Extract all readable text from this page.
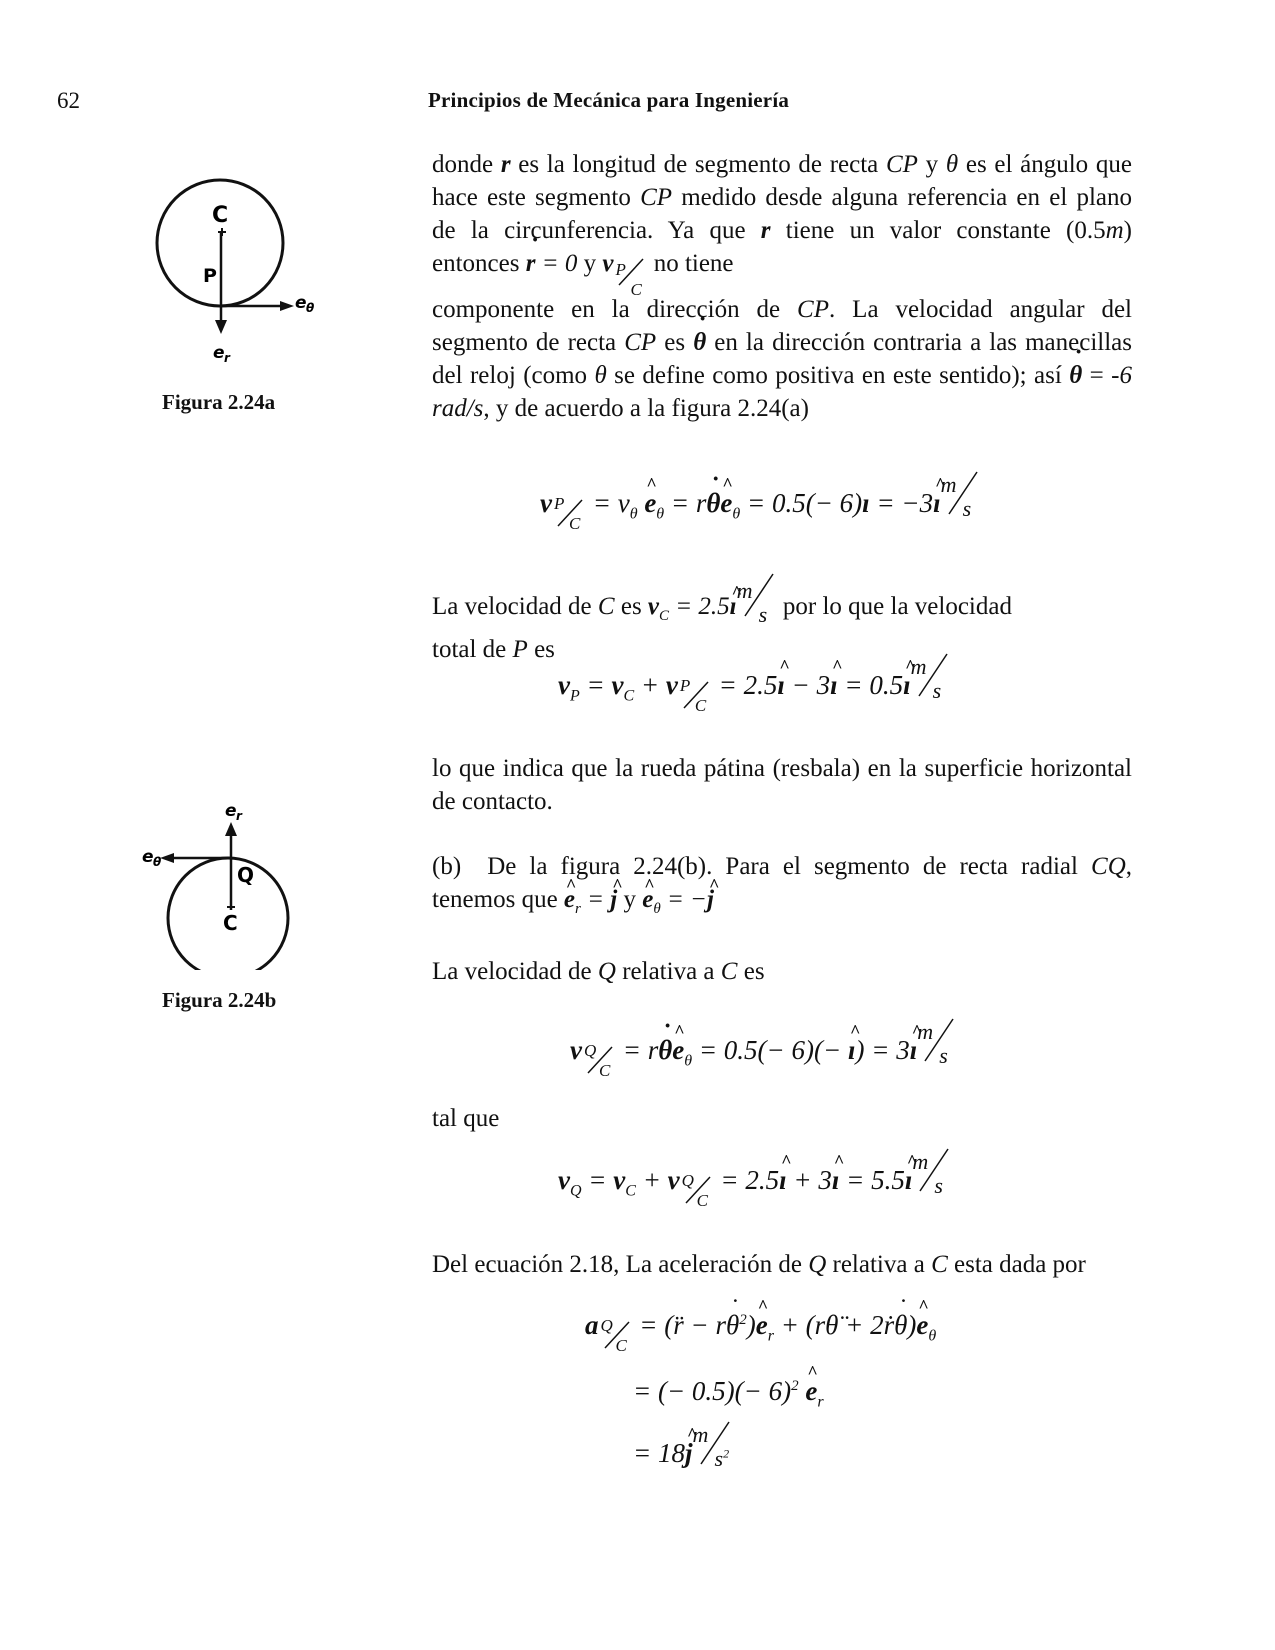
62	Principios de Mecánica para Ingeniería
C
P
e θ
e r
Figura 2.24a
e r
e θ
Q
C
Figura 2.24b
donde r es la longitud de segmento de recta CP y θ es el ángulo que hace este segmento CP medido desde alguna referencia en el plano de la circunferencia. Ya que r tiene un valor constante (0.5m) entonces ˙ r = 0 y v P
C
no tiene
componente en la dirección de CP. La velocidad angular del segmento de recta CP es ˙ θ en la dirección contraria a las manecillas del reloj (como θ se define como positiva en este sentido); así ˙ θ = -6 rad/s, y de acuerdo a la figura 2.24(a)
v P
C
= $v_\theta$ ^ $e_\theta$ = r˙ θ^ $e_\theta = 0.5(-$ 6)ı = −3^ ı
m
s
La velocidad de C es $v_C$ = 2.5^ ı
m
s por lo que la velocidad
total de P es
$v_P = v_C + v$ P
C
= 2.5^ ı − 3^ ı = 0.5^ ı
m
s
lo que indica que la rueda pátina (resbala) en la superficie horizontal de contacto.
(b)  De la figura 2.24(b). Para el segmento de recta radial CQ, tenemos que ^ $e_r$ = ^ j y ^ $e_\theta$ = −^ j
La velocidad de Q relativa a C es
v Q
C
= r˙ θ^ $e_\theta = 0.5(- 6)(-$ ^ ı) = 3^ ı
m
s
tal que
$v_Q = v_C + v$ Q
C
= 2.5^ ı + 3^ ı = 5.5^ ı
m
s
Del ecuación 2.18, La aceleración de Q relativa a C esta dada por
a Q
C
= (r̈ − r˙ $\theta^2)\^{}$ $e_r$ + (rθ̈ + 2ṙ˙ θ)^ $e_\theta$
= (− $0.5)(- 6)^2$ ^ $e_r$
= 18^ j
m
$s^2$
